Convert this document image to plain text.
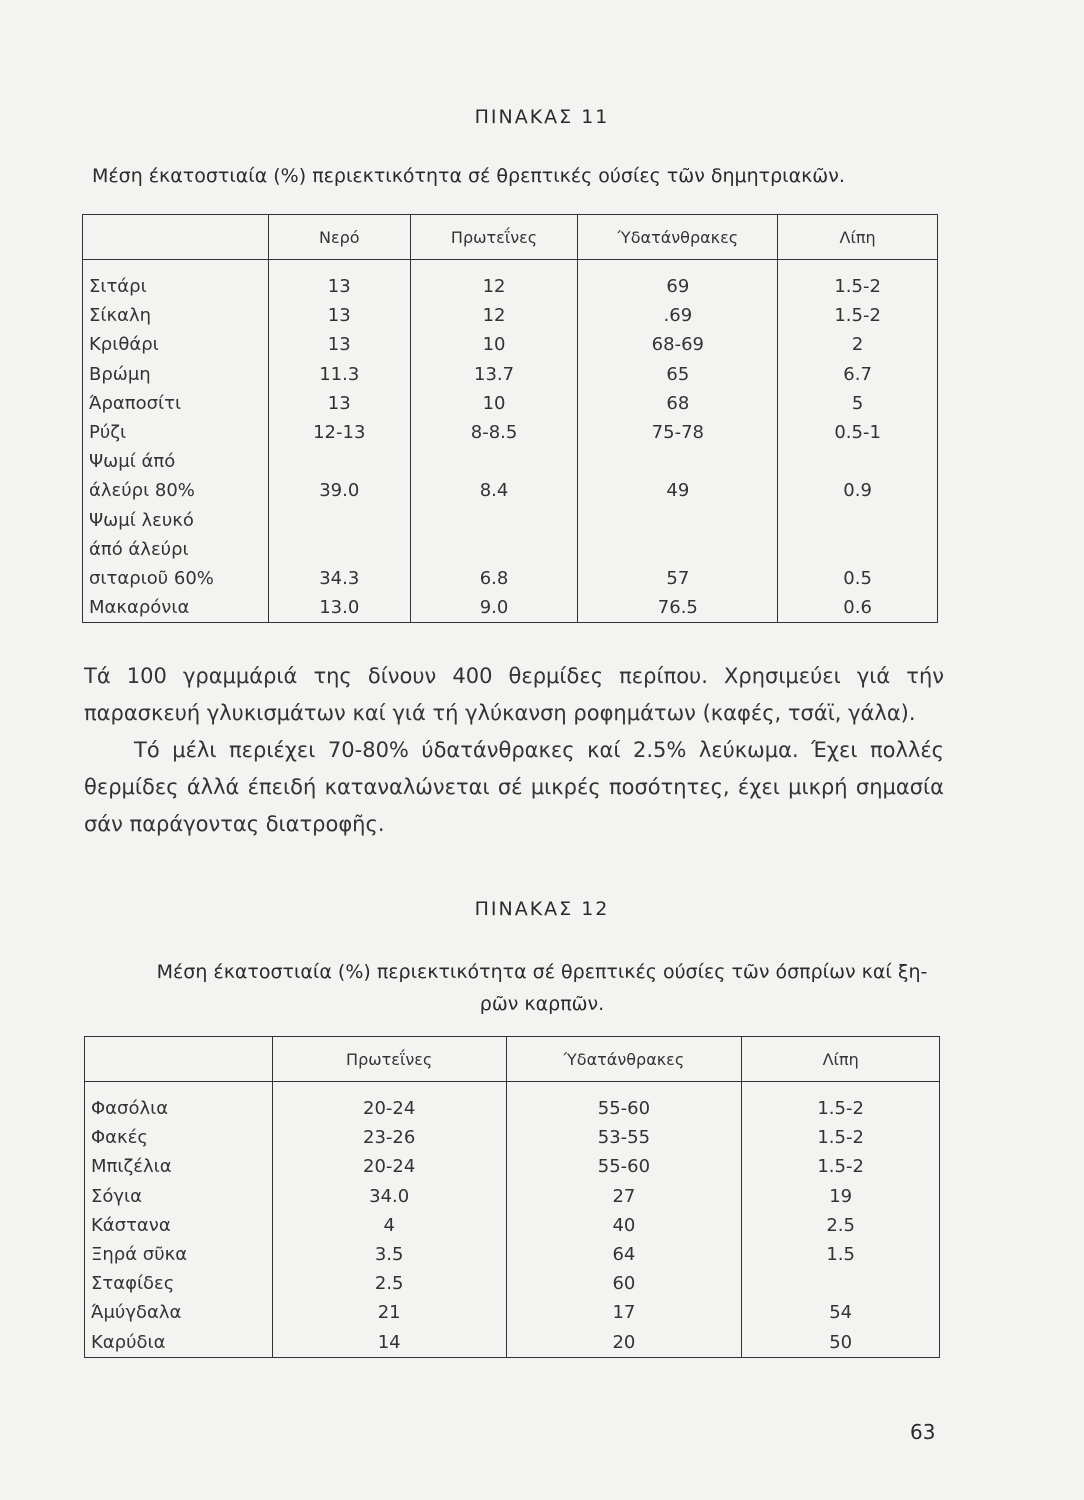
ΠΙΝΑΚΑΣ 11
Μέση έκατοστιαία (%) περιεκτικότητα σέ θρεπτικές ούσίες τῶν δημητριακῶν.
	Νερό	Πρωτεΐνες	Ύδατάνθρακες	Λίπη
Σιτάρι	13	12	69	1.5-2
Σίκαλη	13	12	.69	1.5-2
Κριθάρι	13	10	68-69	2
Βρώμη	11.3	13.7	65	6.7
Άραποσίτι	13	10	68	5
Ρύζι	12-13	8-8.5	75-78	0.5-1
Ψωμί άπό				
άλεύρι 80%	39.0	8.4	49	0.9
Ψωμί λευκό				
άπό άλεύρι				
σιταριοῦ 60%	34.3	6.8	57	0.5
Μακαρόνια	13.0	9.0	76.5	0.6

Τά 100 γραμμάριά της δίνουν 400 θερμίδες περίπου. Χρησιμεύει γιά τήν παρασκευή γλυκισμάτων καί γιά τή γλύκανση ροφημάτων (καφές, τσάϊ, γάλα).

Τό μέλι περιέχει 70-80% ύδατάνθρακες καί 2.5% λεύκωμα. Έχει πολλές θερμίδες άλλά έπειδή καταναλώνεται σέ μικρές ποσότητες, έχει μικρή σημασία σάν παράγοντας διατροφῆς.

ΠΙΝΑΚΑΣ 12
Μέση έκατοστιαία (%) περιεκτικότητα σέ θρεπτικές ούσίες τῶν όσπρίων καί ξη-
ρῶν καρπῶν.
	Πρωτεΐνες	Ύδατάνθρακες	Λίπη
Φασόλια	20-24	55-60	1.5-2
Φακές	23-26	53-55	1.5-2
Μπιζέλια	20-24	55-60	1.5-2
Σόγια	34.0	27	19
Κάστανα	4	40	2.5
Ξηρά σῦκα	3.5	64	1.5
Σταφίδες	2.5	60	
Άμύγδαλα	21	17	54
Καρύδια	14	20	50
63
